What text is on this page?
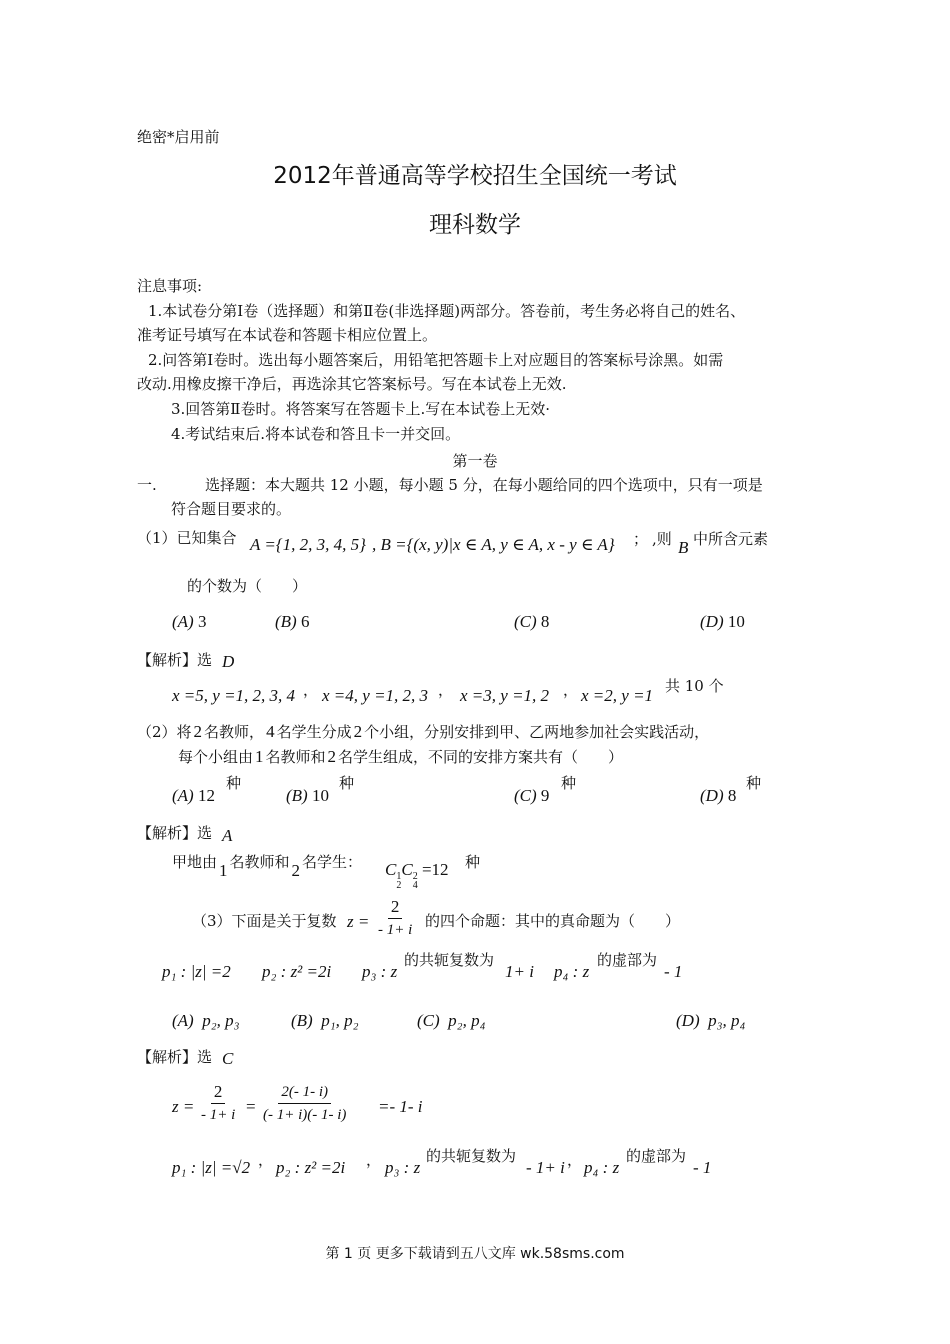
绝密*启用前
2012年普通高等学校招生全国统一考试
理科数学
注息事项:
1.本试卷分第Ⅰ卷（选择题）和第Ⅱ卷(非选择题)两部分。答卷前，考生务必将自己的姓名、
准考证号填写在本试卷和答题卡相应位置上。
2.问答第Ⅰ卷时。选出每小题答案后，用铅笔把答题卡上对应题目的答案标号涂黑。如需
改动.用橡皮擦干净后，再选涂其它答案标号。写在本试卷上无效.
3.回答第Ⅱ卷时。将答案写在答题卡上.写在本试卷上无效·
4.考试结束后.将本试卷和答且卡一并交回。
第一卷
一.	选择题：本大题共 12 小题，每小题 5 分，在每小题给同的四个选项中，只有一项是
符合题目要求的。
（1）已知集合 A ={1, 2, 3, 4, 5} , B ={(x, y)|x ∈ A, y ∈ A, x - y ∈ A} ； ,则 B 中所含元素
的个数为（　　）
(A) 3	(B) 6	(C) 8	(D) 10
【解析】选 D
x =5, y =1, 2, 3, 4 ， x =4, y =1, 2, 3 ， x =3, y =1, 2 ， x =2, y =1 共 10 个
（2）将 2 名教师， 4 名学生分成 2 个小组，分别安排到甲、乙两地参加社会实践活动，
每个小组由 1 名教师和 2 名学生组成，不同的安排方案共有（　　）
(A) 12
种
(B) 10
种
(C) 9
种
(D) 8
种
【解析】选 A
甲地由 1 名教师和 2 名学生： C 1
2
C 2
4
=12 种
（3）下面是关于复数 $z = \frac{2}{- 1+ i}$ 的四个命题：其中的真命题为（　　）
p₁ : |z| =2 p₂ : z² =2i p₃ : z
的共轭复数为
1+ i p₄ : z
的虚部为
- 1
(A) p₂, p₃	(B) p₁, p₂	(C) p₂, p₄	(D) p₃, p₄
【解析】选 C
$z = \frac{2}{- 1+ i} = \frac{2(- 1- i)}{(- 1+ i)(- 1- i)} =- 1-$ i
p₁ : |z| =√2 ， p₂ : z² =2i ， p₃ : z
的共轭复数为
- 1+ i ， p₄ : z
的虚部为
- 1
第 1 页 更多下载请到五八文库 wk.58sms.com
